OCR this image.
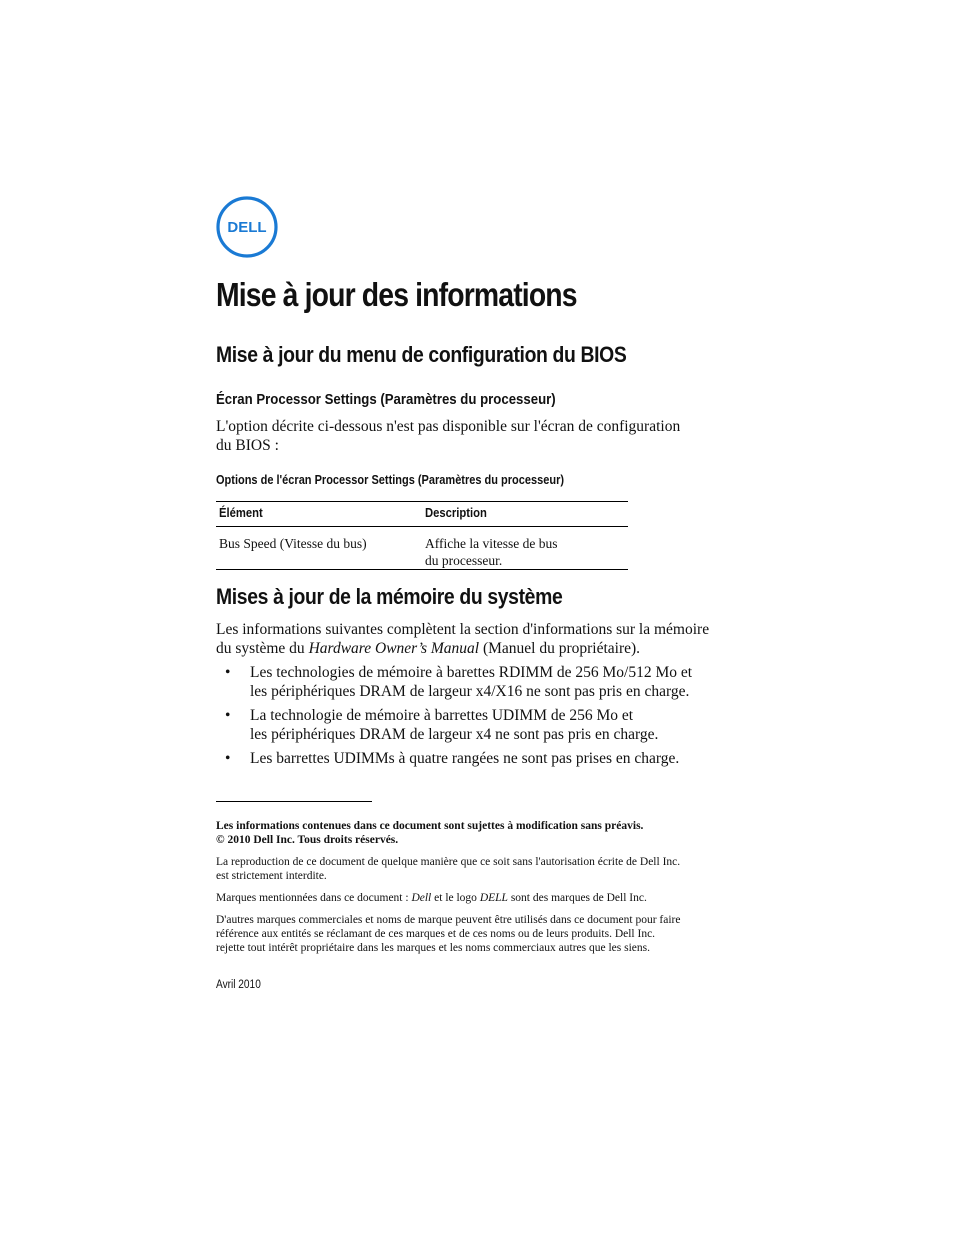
DELL
Mise à jour des informations
Mise à jour du menu de configuration du BIOS
Écran Processor Settings (Paramètres du processeur)
L'option décrite ci-dessous n'est pas disponible sur l'écran de configuration
du BIOS :
Options de l'écran Processor Settings (Paramètres du processeur)
Élément	Description
Bus Speed (Vitesse du bus)	Affiche la vitesse de bus
du processeur.
Mises à jour de la mémoire du système
Les informations suivantes complètent la section d'informations sur la mémoire
du système du Hardware Owner’s Manual (Manuel du propriétaire).
• Les technologies de mémoire à barettes RDIMM de 256 Mo/512 Mo et
les périphériques DRAM de largeur x4/X16 ne sont pas pris en charge.
• La technologie de mémoire à barrettes UDIMM de 256 Mo et
les périphériques DRAM de largeur x4 ne sont pas pris en charge.
• Les barrettes UDIMMs à quatre rangées ne sont pas prises en charge.
Les informations contenues dans ce document sont sujettes à modification sans préavis.
© 2010 Dell Inc. Tous droits réservés.
La reproduction de ce document de quelque manière que ce soit sans l'autorisation écrite de Dell Inc.
est strictement interdite.
Marques mentionnées dans ce document : Dell et le logo DELL sont des marques de Dell Inc.
D'autres marques commerciales et noms de marque peuvent être utilisés dans ce document pour faire
référence aux entités se réclamant de ces marques et de ces noms ou de leurs produits. Dell Inc.
rejette tout intérêt propriétaire dans les marques et les noms commerciaux autres que les siens.
Avril 2010
